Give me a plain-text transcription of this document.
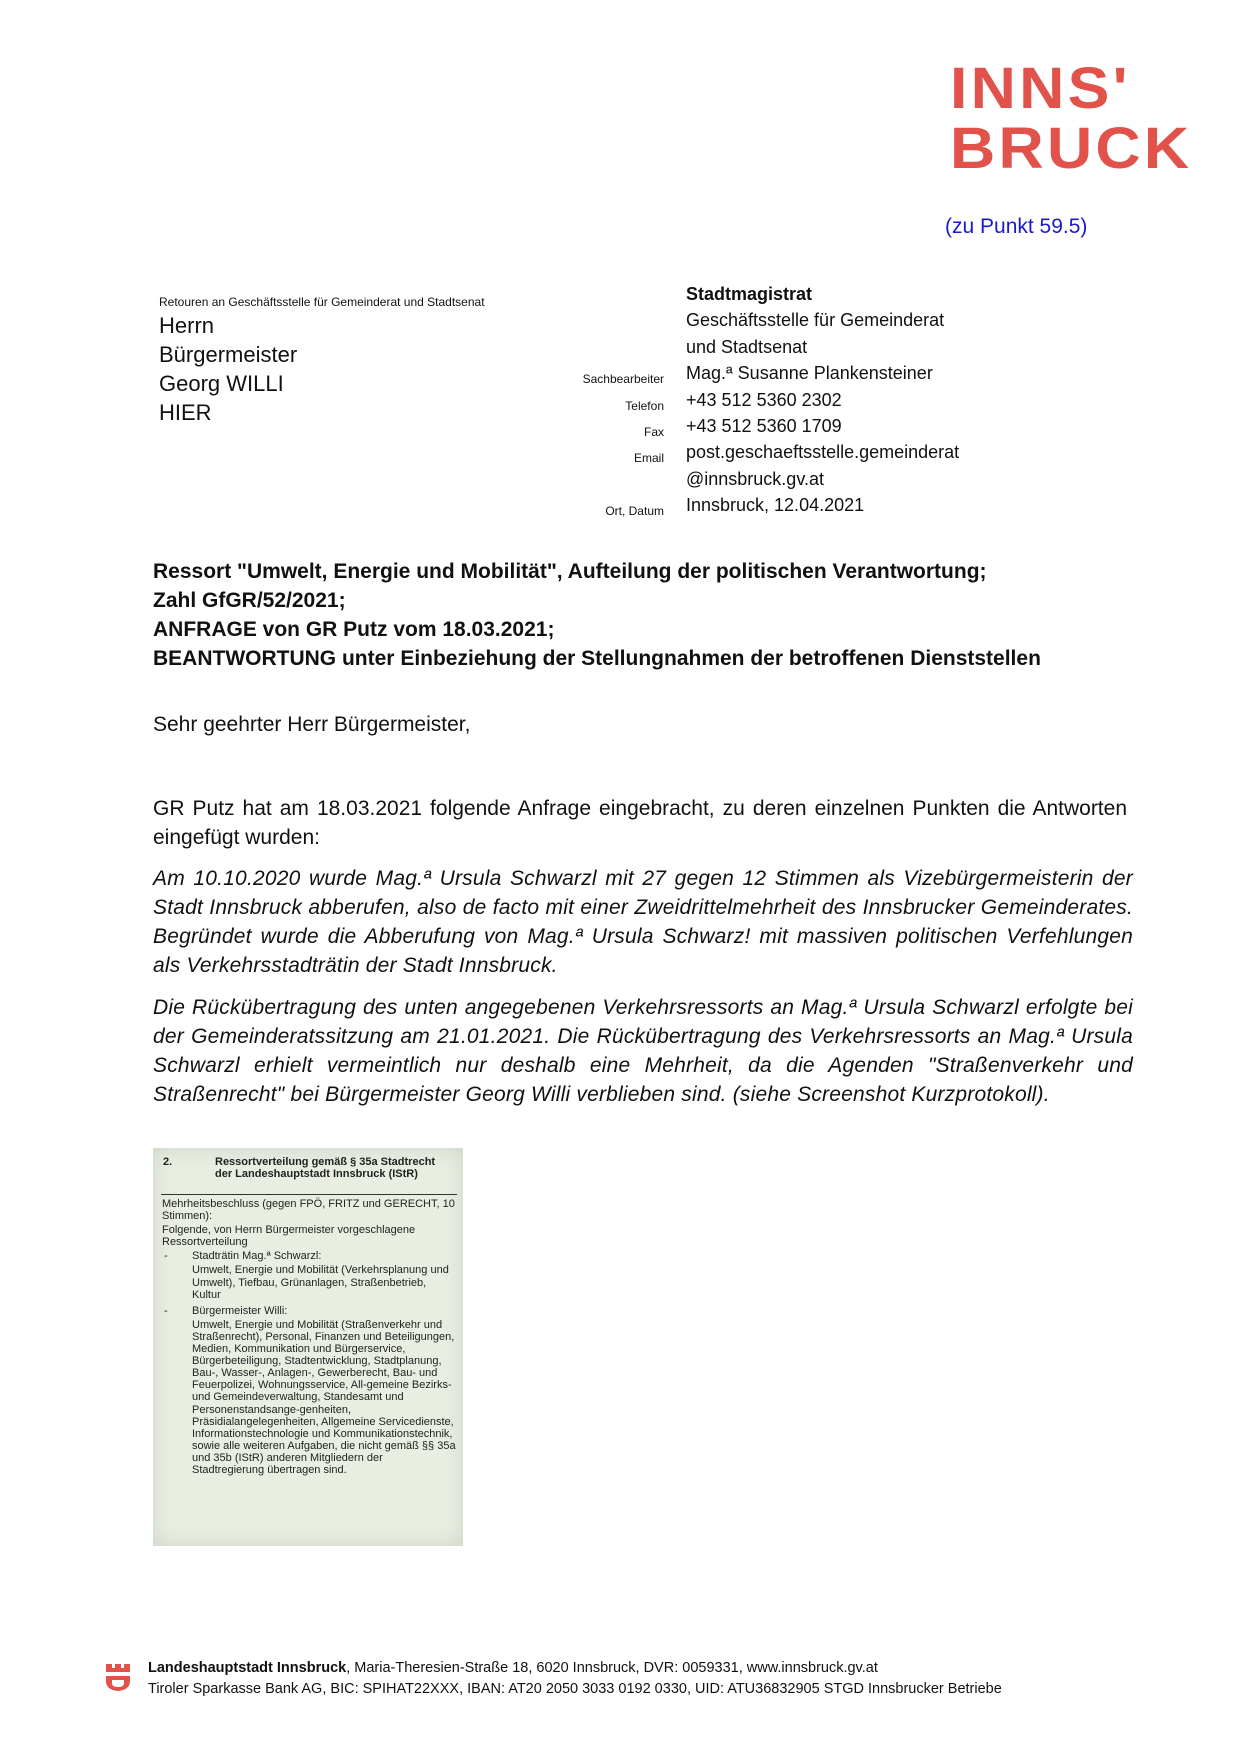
INNS'
BRUCK
(zu Punkt 59.5)
Retouren an Geschäftsstelle für Gemeinderat und Stadtsenat
Herrn
Bürgermeister
Georg WILLI
HIER
Stadtmagistrat
Geschäftsstelle für Gemeinderat
und Stadtsenat
Sachbearbeiter Mag.ª Susanne Plankensteiner
Telefon +43 512 5360 2302
Fax +43 512 5360 1709
Email post.geschaeftsstelle.gemeinderat
@innsbruck.gv.at
Ort, Datum Innsbruck, 12.04.2021
Ressort "Umwelt, Energie und Mobilität", Aufteilung der politischen Verantwortung;
Zahl GfGR/52/2021;
ANFRAGE von GR Putz vom 18.03.2021;
BEANTWORTUNG unter Einbeziehung der Stellungnahmen der betroffenen Dienststellen
Sehr geehrter Herr Bürgermeister,
GR Putz hat am 18.03.2021 folgende Anfrage eingebracht, zu deren einzelnen Punkten die Antworten eingefügt wurden:
Am 10.10.2020 wurde Mag.ª Ursula Schwarzl mit 27 gegen 12 Stimmen als Vizebürgermeisterin der Stadt Innsbruck abberufen, also de facto mit einer Zweidrittelmehrheit des Innsbrucker Gemeinderates. Begründet wurde die Abberufung von Mag.ª Ursula Schwarz! mit massiven politischen Verfehlungen als Verkehrsstadträtin der Stadt Innsbruck.
Die Rückübertragung des unten angegebenen Verkehrsressorts an Mag.ª Ursula Schwarzl erfolgte bei der Gemeinderatssitzung am 21.01.2021. Die Rückübertragung des Verkehrsressorts an Mag.ª Ursula Schwarzl erhielt vermeintlich nur deshalb eine Mehrheit, da die Agenden "Straßenverkehr und Straßenrecht" bei Bürgermeister Georg Willi verblieben sind. (siehe Screenshot Kurzprotokoll).
2.	Ressortverteilung gemäß § 35a Stadtrecht der Landeshauptstadt Innsbruck (IStR)

Mehrheitsbeschluss (gegen FPÖ, FRITZ und GERECHT, 10 Stimmen):

Folgende, von Herrn Bürgermeister vorgeschlagene Ressortverteilung

- Stadträtin Mag.ª Schwarzl:
Umwelt, Energie und Mobilität (Verkehrsplanung und Umwelt), Tiefbau, Grünanlagen, Straßenbetrieb, Kultur
- Bürgermeister Willi:
Umwelt, Energie und Mobilität (Straßenverkehr und Straßenrecht), Personal, Finanzen und Beteiligungen, Medien, Kommunikation und Bürgerservice, Bürgerbeteiligung, Stadtentwicklung, Stadtplanung, Bau-, Wasser-, Anlagen-, Gewerberecht, Bau- und Feuerpolizei, Wohnungsservice, All-gemeine Bezirks- und Gemeindeverwaltung, Standesamt und Personenstandsange-genheiten, Präsidialangelegenheiten, Allgemeine Servicedienste, Informationstechnologie und Kommunikationstechnik, sowie alle weiteren Aufgaben, die nicht gemäß §§ 35a und 35b (IStR) anderen Mitgliedern der Stadtregierung übertragen sind.
Landeshauptstadt Innsbruck, Maria-Theresien-Straße 18, 6020 Innsbruck, DVR: 0059331, www.innsbruck.gv.at
Tiroler Sparkasse Bank AG, BIC: SPIHAT22XXX, IBAN: AT20 2050 3033 0192 0330, UID: ATU36832905 STGD Innsbrucker Betriebe
